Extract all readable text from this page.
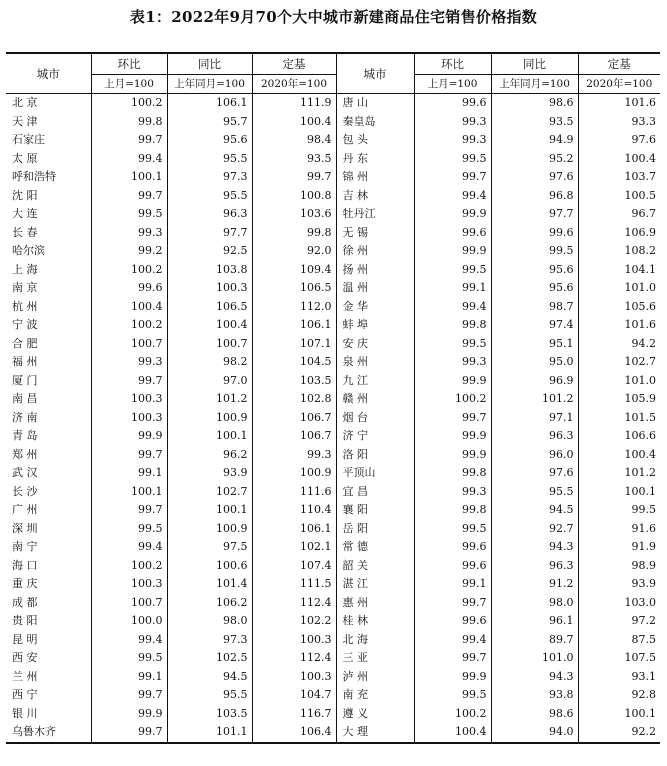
表1：2022年9月70个大中城市新建商品住宅销售价格指数
城市	环比	同比	定基	城市	环比	同比	定基
	上月=100	上年同月=100	2020年=100		上月=100	上年同月=100	2020年=100
北 京	100.2	106.1	111.9	唐 山	99.6	98.6	101.6
天 津	99.8	95.7	100.4	秦皇岛	99.3	93.5	93.3
石家庄	99.7	95.6	98.4	包 头	99.3	94.9	97.6
太 原	99.4	95.5	93.5	丹 东	99.5	95.2	100.4
呼和浩特	100.1	97.3	99.7	锦 州	99.7	97.6	103.7
沈 阳	99.7	95.5	100.8	吉 林	99.4	96.8	100.5
大 连	99.5	96.3	103.6	牡丹江	99.9	97.7	96.7
长 春	99.3	97.7	99.8	无 锡	99.6	99.6	106.9
哈尔滨	99.2	92.5	92.0	徐 州	99.9	99.5	108.2
上 海	100.2	103.8	109.4	扬 州	99.5	95.6	104.1
南 京	99.6	100.3	106.5	温 州	99.1	95.6	101.0
杭 州	100.4	106.5	112.0	金 华	99.4	98.7	105.6
宁 波	100.2	100.4	106.1	蚌 埠	99.8	97.4	101.6
合 肥	100.7	100.7	107.1	安 庆	99.5	95.1	94.2
福 州	99.3	98.2	104.5	泉 州	99.3	95.0	102.7
厦 门	99.7	97.0	103.5	九 江	99.9	96.9	101.0
南 昌	100.3	101.2	102.8	赣 州	100.2	101.2	105.9
济 南	100.3	100.9	106.7	烟 台	99.7	97.1	101.5
青 岛	99.9	100.1	106.7	济 宁	99.9	96.3	106.6
郑 州	99.7	96.2	99.3	洛 阳	99.9	96.0	100.4
武 汉	99.1	93.9	100.9	平顶山	99.8	97.6	101.2
长 沙	100.1	102.7	111.6	宜 昌	99.3	95.5	100.1
广 州	99.7	100.1	110.4	襄 阳	99.8	94.5	99.5
深 圳	99.5	100.9	106.1	岳 阳	99.5	92.7	91.6
南 宁	99.4	97.5	102.1	常 德	99.6	94.3	91.9
海 口	100.2	100.6	107.4	韶 关	99.6	96.3	98.9
重 庆	100.3	101.4	111.5	湛 江	99.1	91.2	93.9
成 都	100.7	106.2	112.4	惠 州	99.7	98.0	103.0
贵 阳	100.0	98.0	102.2	桂 林	99.6	96.1	97.2
昆 明	99.4	97.3	100.3	北 海	99.4	89.7	87.5
西 安	99.5	102.5	112.4	三 亚	99.7	101.0	107.5
兰 州	99.1	94.5	100.3	泸 州	99.9	94.3	93.1
西 宁	99.7	95.5	104.7	南 充	99.5	93.8	92.8
银 川	99.9	103.5	116.7	遵 义	100.2	98.6	100.1
乌鲁木齐	99.7	101.1	106.4	大 理	100.4	94.0	92.2
